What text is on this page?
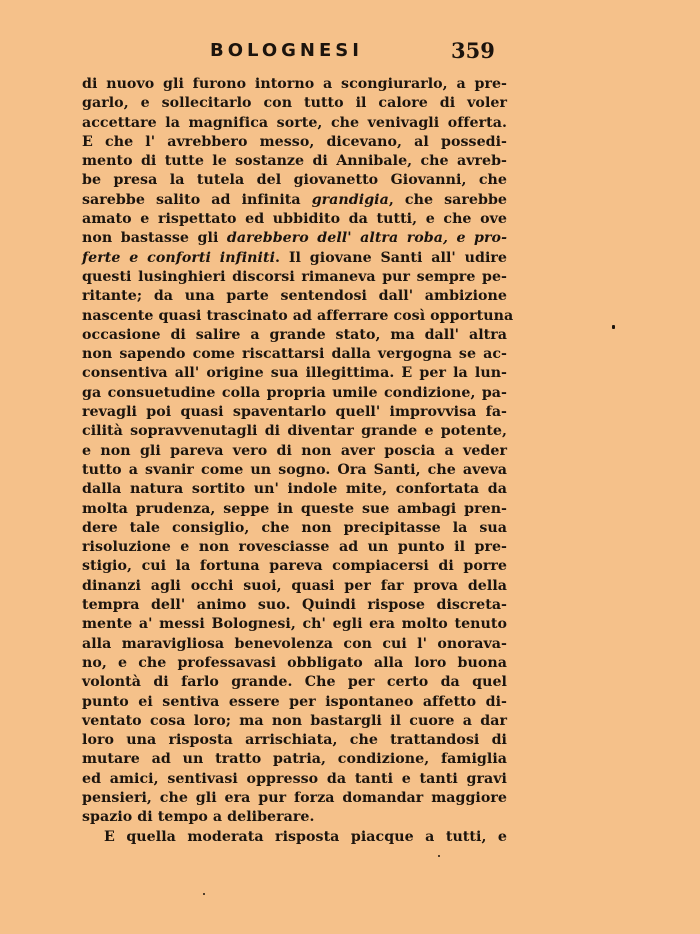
BOLOGNESI	359
di nuovo gli furono intorno a scongiurarlo, a pre-
garlo, e sollecitarlo con tutto il calore di voler
accettare la magnifica sorte, che venivagli offerta.
E che l' avrebbero messo, dicevano, al possedi-
mento di tutte le sostanze di Annibale, che avreb-
be presa la tutela del giovanetto Giovanni, che
sarebbe salito ad infinita grandigia, che sarebbe
amato e rispettato ed ubbidito da tutti, e che ove
non bastasse gli darebbero dell' altra roba, e pro-
ferte e conforti infiniti. Il giovane Santi all' udire
questi lusinghieri discorsi rimaneva pur sempre pe-
ritante; da una parte sentendosi dall' ambizione
nascente quasi trascinato ad afferrare così opportuna
occasione di salire a grande stato, ma dall' altra
non sapendo come riscattarsi dalla vergogna se ac-
consentiva all' origine sua illegittima. E per la lun-
ga consuetudine colla propria umile condizione, pa-
revagli poi quasi spaventarlo quell' improvvisa fa-
cilità sopravvenutagli di diventar grande e potente,
e non gli pareva vero di non aver poscia a veder
tutto a svanir come un sogno. Ora Santi, che aveva
dalla natura sortito un' indole mite, confortata da
molta prudenza, seppe in queste sue ambagi pren-
dere tale consiglio, che non precipitasse la sua
risoluzione e non rovesciasse ad un punto il pre-
stigio, cui la fortuna pareva compiacersi di porre
dinanzi agli occhi suoi, quasi per far prova della
tempra dell' animo suo. Quindi rispose discreta-
mente a' messi Bolognesi, ch' egli era molto tenuto
alla maravigliosa benevolenza con cui l' onorava-
no, e che professavasi obbligato alla loro buona
volontà di farlo grande. Che per certo da quel
punto ei sentiva essere per ispontaneo affetto di-
ventato cosa loro; ma non bastargli il cuore a dar
loro una risposta arrischiata, che trattandosi di
mutare ad un tratto patria, condizione, famiglia
ed amici, sentivasi oppresso da tanti e tanti gravi
pensieri, che gli era pur forza domandar maggiore
spazio di tempo a deliberare.
E quella moderata risposta piacque a tutti, e
